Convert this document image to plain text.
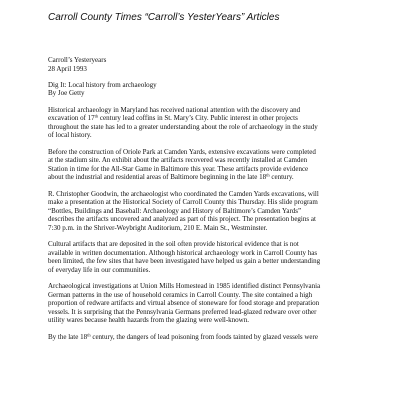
Carroll County Times “Carroll’s YesterYears” Articles

Carroll’s Yesteryears
28 April 1993

Dig It: Local history from archaeology
By Joe Getty

Historical archaeology in Maryland has received national attention with the discovery and
excavation of 17th century lead coffins in St. Mary’s City. Public interest in other projects
throughout the state has led to a greater understanding about the role of archaeology in the study
of local history.

Before the construction of Oriole Park at Camden Yards, extensive excavations were completed
at the stadium site. An exhibit about the artifacts recovered was recently installed at Camden
Station in time for the All-Star Game in Baltimore this year. These artifacts provide evidence
about the industrial and residential areas of Baltimore beginning in the late 18th century.

R. Christopher Goodwin, the archaeologist who coordinated the Camden Yards excavations, will
make a presentation at the Historical Society of Carroll County this Thursday. His slide program
“Bottles, Buildings and Baseball: Archaeology and History of Baltimore’s Camden Yards”
describes the artifacts uncovered and analyzed as part of this project. The presentation begins at
7:30 p.m. in the Shriver-Weybright Auditorium, 210 E. Main St., Westminster.

Cultural artifacts that are deposited in the soil often provide historical evidence that is not
available in written documentation. Although historical archaeology work in Carroll County has
been limited, the few sites that have been investigated have helped us gain a better understanding
of everyday life in our communities.

Archaeological investigations at Union Mills Homestead in 1985 identified distinct Pennsylvania
German patterns in the use of household ceramics in Carroll County. The site contained a high
proportion of redware artifacts and virtual absence of stoneware for food storage and preparation
vessels. It is surprising that the Pennsylvania Germans preferred lead-glazed redware over other
utility wares because health hazards from the glazing were well-known.

By the late 18th century, the dangers of lead poisoning from foods tainted by glazed vessels were
